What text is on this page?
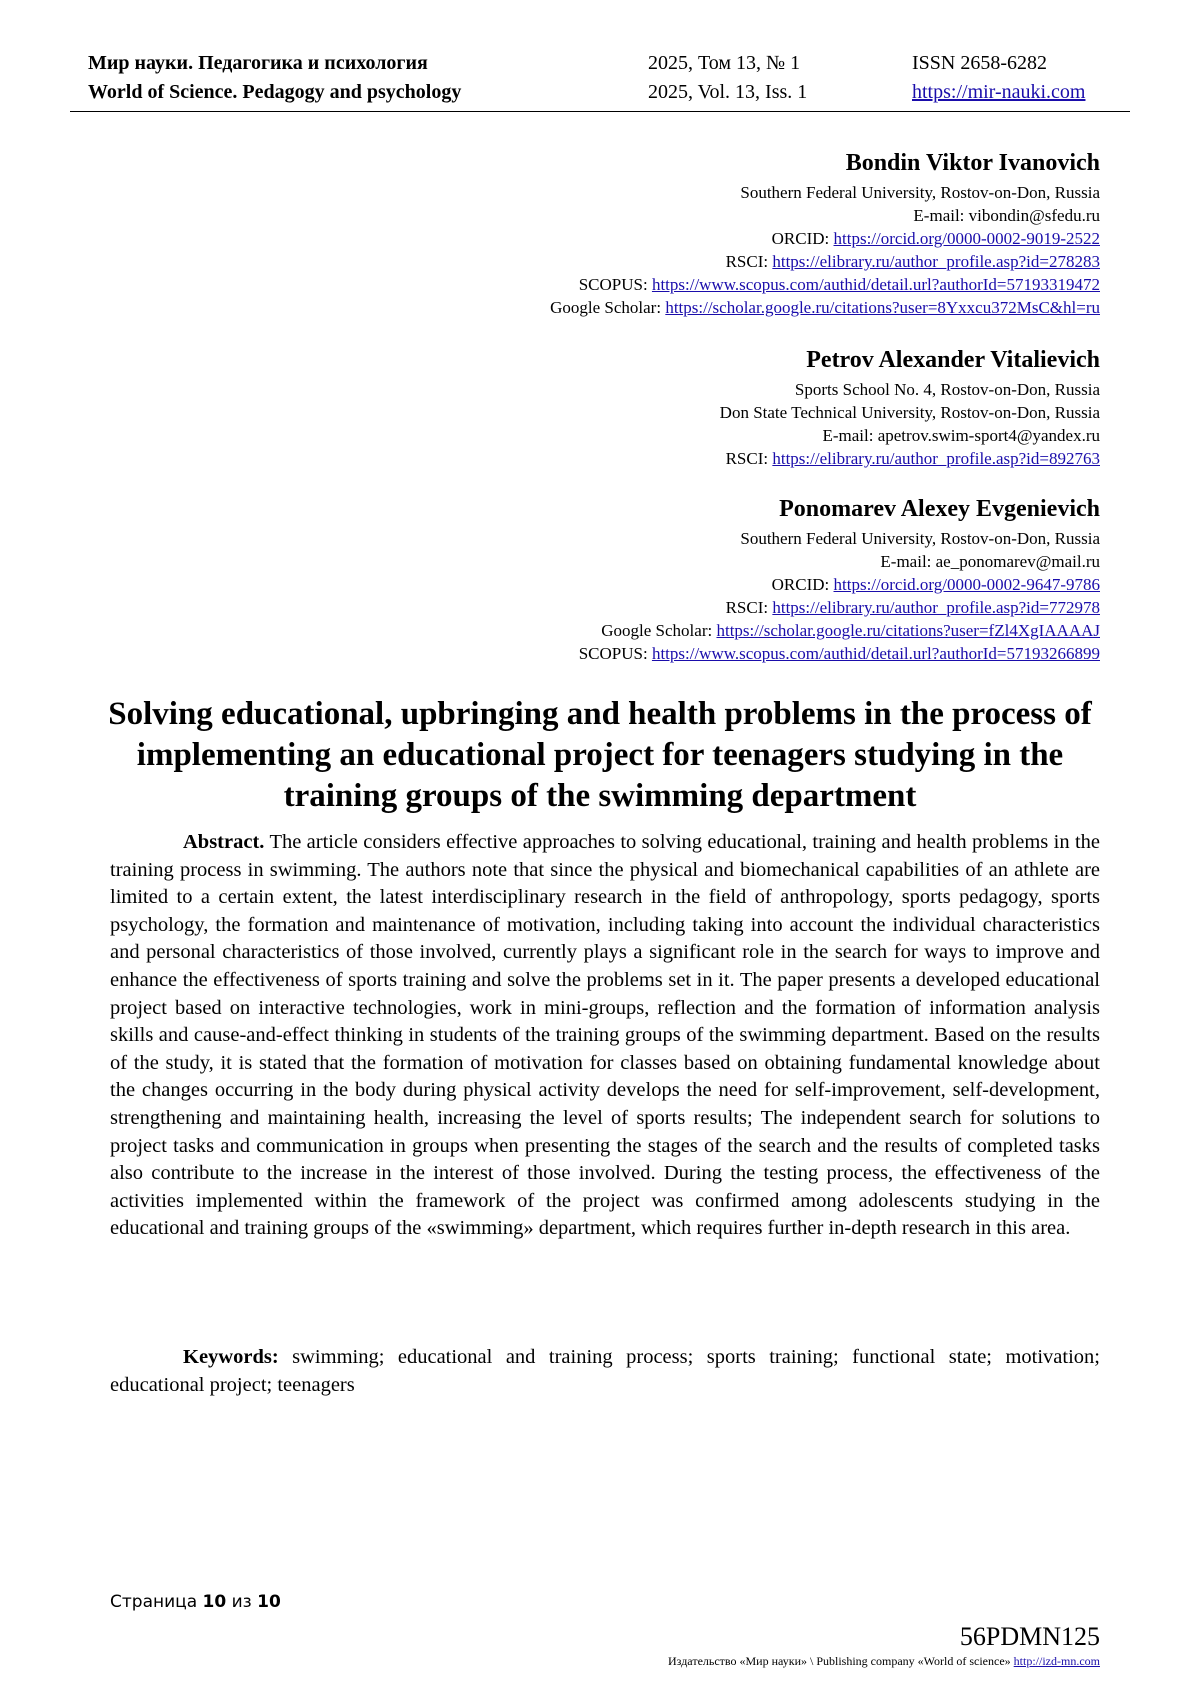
Мир науки. Педагогика и психология	2025, Том 13, № 1	ISSN 2658-6282
World of Science. Pedagogy and psychology	2025, Vol. 13, Iss. 1	https://mir-nauki.com
Bondin Viktor Ivanovich
Southern Federal University, Rostov-on-Don, Russia
E-mail: vibondin@sfedu.ru
ORCID: https://orcid.org/0000-0002-9019-2522
RSCI: https://elibrary.ru/author_profile.asp?id=278283
SCOPUS: https://www.scopus.com/authid/detail.url?authorId=57193319472
Google Scholar: https://scholar.google.ru/citations?user=8Yxxcu372MsC&hl=ru
Petrov Alexander Vitalievich
Sports School No. 4, Rostov-on-Don, Russia
Don State Technical University, Rostov-on-Don, Russia
E-mail: apetrov.swim-sport4@yandex.ru
RSCI: https://elibrary.ru/author_profile.asp?id=892763
Ponomarev Alexey Evgenievich
Southern Federal University, Rostov-on-Don, Russia
E-mail: ae_ponomarev@mail.ru
ORCID: https://orcid.org/0000-0002-9647-9786
RSCI: https://elibrary.ru/author_profile.asp?id=772978
Google Scholar: https://scholar.google.ru/citations?user=fZl4XgIAAAAJ
SCOPUS: https://www.scopus.com/authid/detail.url?authorId=57193266899
Solving educational, upbringing and health problems in the process of implementing an educational project for teenagers studying in the training groups of the swimming department

Abstract. The article considers effective approaches to solving educational, training and health problems in the training process in swimming. The authors note that since the physical and biomechanical capabilities of an athlete are limited to a certain extent, the latest interdisciplinary research in the field of anthropology, sports pedagogy, sports psychology, the formation and maintenance of motivation, including taking into account the individual characteristics and personal characteristics of those involved, currently plays a significant role in the search for ways to improve and enhance the effectiveness of sports training and solve the problems set in it. The paper presents a developed educational project based on interactive technologies, work in mini-groups, reflection and the formation of information analysis skills and cause-and-effect thinking in students of the training groups of the swimming department. Based on the results of the study, it is stated that the formation of motivation for classes based on obtaining fundamental knowledge about the changes occurring in the body during physical activity develops the need for self-improvement, self-development, strengthening and maintaining health, increasing the level of sports results; The independent search for solutions to project tasks and communication in groups when presenting the stages of the search and the results of completed tasks also contribute to the increase in the interest of those involved. During the testing process, the effectiveness of the activities implemented within the framework of the project was confirmed among adolescents studying in the educational and training groups of the «swimming» department, which requires further in-depth research in this area.

Keywords: swimming; educational and training process; sports training; functional state; motivation; educational project; teenagers

Страница 10 из 10
56PDMN125
Издательство «Мир науки» \ Publishing company «World of science» http://izd-mn.com
